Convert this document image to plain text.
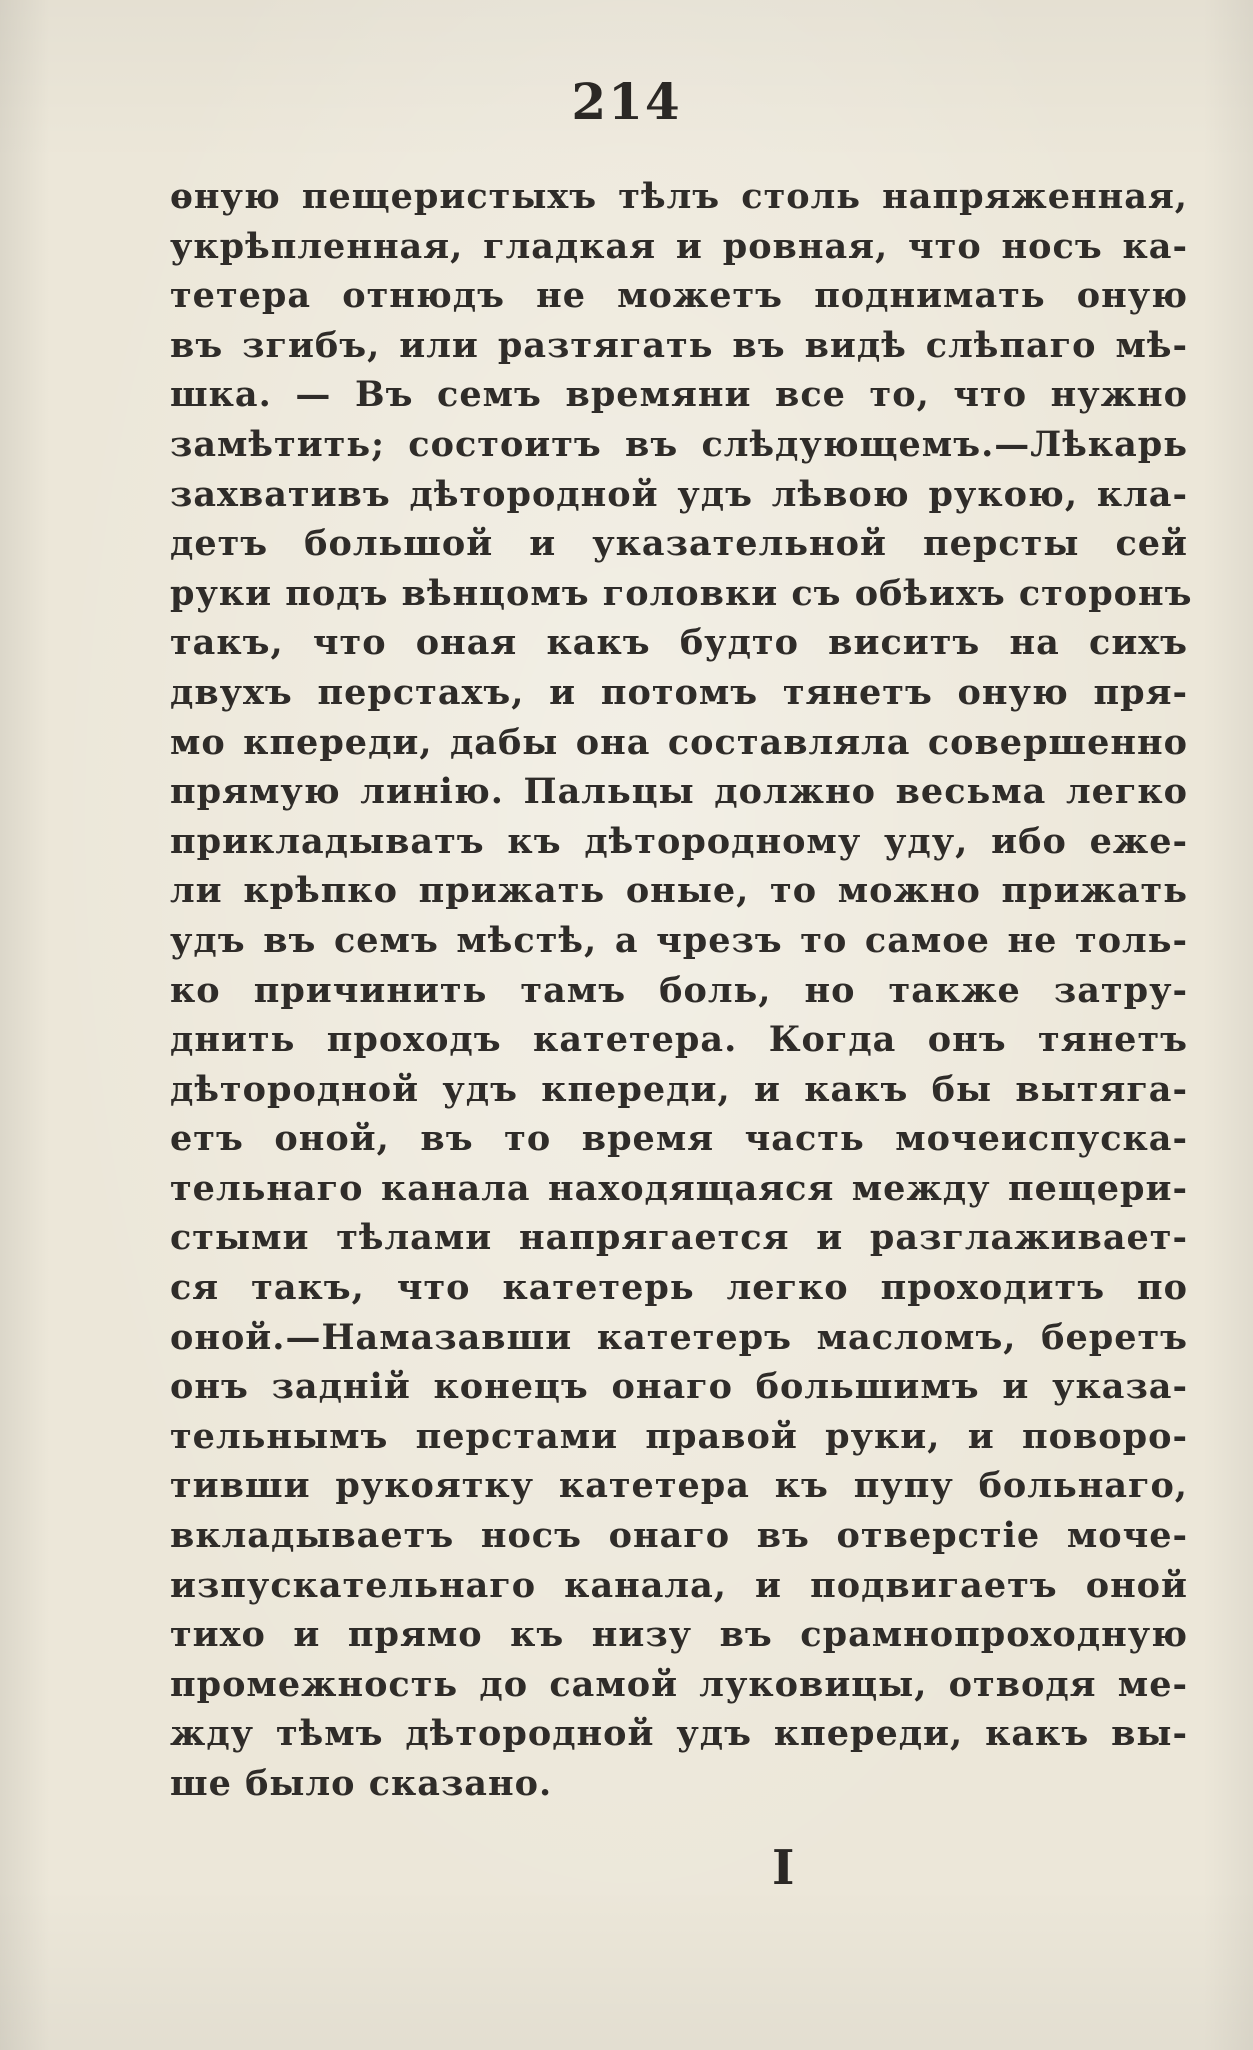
214
ѳную пещеристыхъ тѣлъ столь напряженная,
укрѣпленная, гладкая и ровная, что носъ ка-
тетера отнюдъ не можетъ поднимать оную
въ згибъ, или разтягать въ видѣ слѣпаго мѣ-
шка. — Въ семъ времяни все то, что нужно
замѣтить; состоитъ въ слѣдующемъ.—Лѣкарь
захвативъ дѣтородной удъ лѣвою рукою, кла-
детъ большой и указательной персты сей
руки подъ вѣнцомъ головки съ обѣихъ сторонъ
такъ, что оная какъ будто виситъ на сихъ
двухъ перстахъ, и потомъ тянетъ оную пря-
мо кпереди, дабы она составляла совершенно
прямую линію. Пальцы должно весьма легко
прикладыватъ къ дѣтородному уду, ибо еже-
ли крѣпко прижать оные, то можно прижать
удъ въ семъ мѣстѣ, а чрезъ то самое не толь-
ко причинить тамъ боль, но также затру-
днить проходъ катетера. Когда онъ тянетъ
дѣтородной удъ кпереди, и какъ бы вытяга-
етъ оной, въ то время часть мочеиспуска-
тельнаго канала находящаяся между пещери-
стыми тѣлами напрягается и разглаживает-
ся такъ, что катетерь легко проходитъ по
оной.—Намазавши катетеръ масломъ, беретъ
онъ задній конецъ онаго большимъ и указа-
тельнымъ перстами правой руки, и поворо-
тивши рукоятку катетера къ пупу больнаго,
вкладываетъ носъ онаго въ отверстіе моче-
изпускательнаго канала, и подвигаетъ оной
тихо и прямо къ низу въ срамнопроходную
промежность до самой луковицы, отводя ме-
жду тѣмъ дѣтородной удъ кпереди, какъ вы-
ше было сказано.
I
